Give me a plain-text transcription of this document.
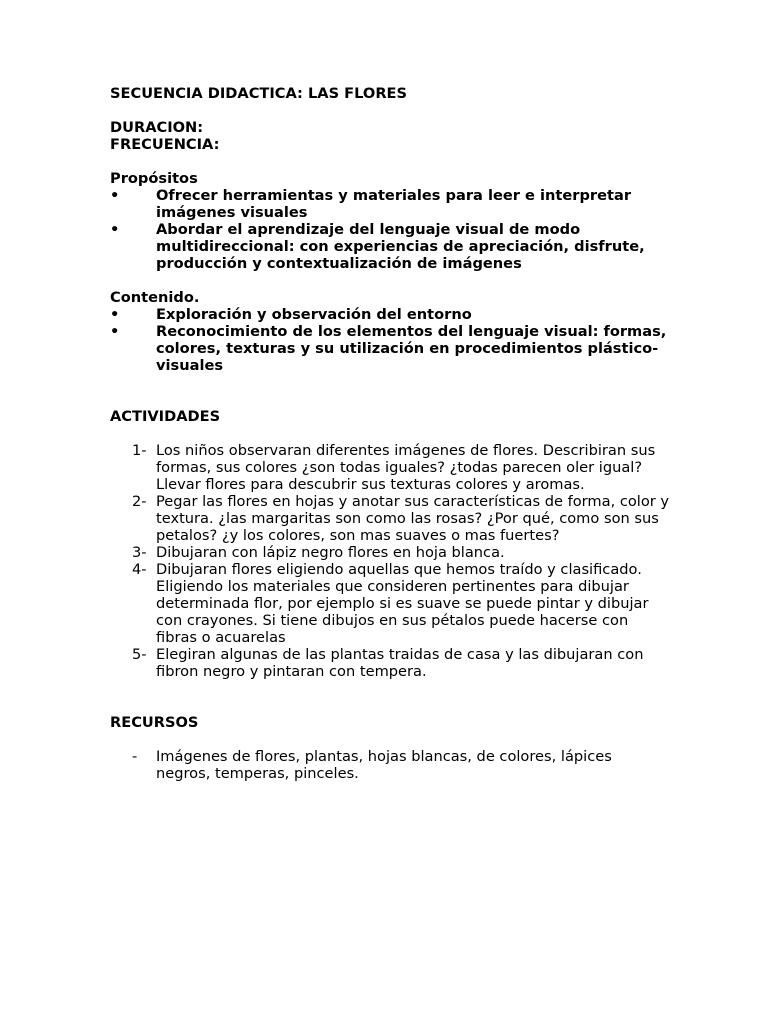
SECUENCIA DIDACTICA: LAS FLORES
DURACION:
FRECUENCIA:
Propósitos
•	Ofrecer herramientas y materiales para leer e interpretar imágenes visuales
•	Abordar el aprendizaje del lenguaje visual de modo multidireccional: con experiencias de apreciación, disfrute, producción y contextualización de imágenes
Contenido.
•	Exploración y observación del entorno
•	Reconocimiento de los elementos del lenguaje visual: formas, colores, texturas y su utilización en procedimientos plástico-visuales
ACTIVIDADES
1- Los niños observaran diferentes imágenes de flores. Describiran sus formas, sus colores ¿son todas iguales? ¿todas parecen oler igual? Llevar flores para descubrir sus texturas colores y aromas.
2- Pegar las flores en hojas y anotar sus características de forma, color y textura. ¿las margaritas son como las rosas? ¿Por qué, como son sus petalos? ¿y los colores, son mas suaves o mas fuertes?
3- Dibujaran con lápiz negro flores en hoja blanca.
4- Dibujaran flores eligiendo aquellas que hemos traído y clasificado. Eligiendo los materiales que consideren pertinentes para dibujar determinada flor, por ejemplo si es suave se puede pintar y dibujar con crayones. Si tiene dibujos en sus pétalos puede hacerse con fibras o acuarelas
5- Elegiran algunas de las plantas traidas de casa y las dibujaran con fibron negro y pintaran con tempera.
RECURSOS
- Imágenes de flores, plantas, hojas blancas, de colores, lápices negros, temperas, pinceles.
